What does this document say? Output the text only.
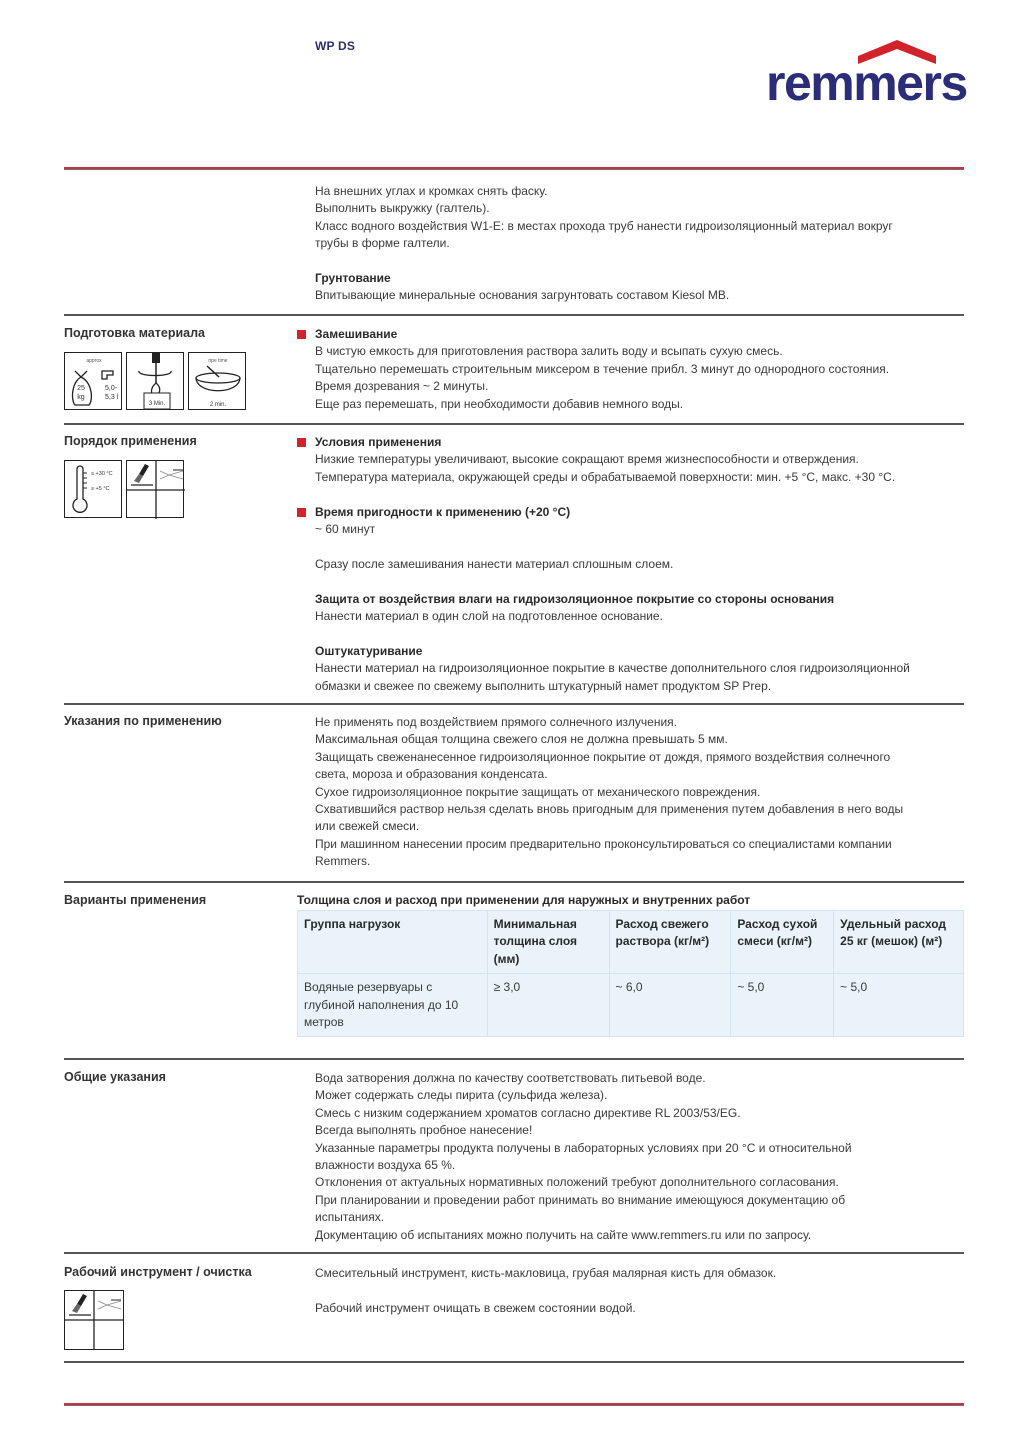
WP DS
remmers

На внешних углах и кромках снять фаску.

Выполнить выкружку (галтель).

Класс водного воздействия W1-E: в местах прохода труб нанести гидроизоляционный материал вокруг

трубы в форме галтели.

Грунтование

Впитывающие минеральные основания загрунтовать составом Kiesol MB.

Подготовка материала
approx
25
kg
5,0-
5,3 l
3 Min.
ripe time
2 min.

Замешивание

В чистую емкость для приготовления раствора залить воду и всыпать сухую смесь.

Тщательно перемешать строительным миксером в течение прибл. 3 минут до однородного состояния.

Время дозревания ~ 2 минуты.

Еще раз перемешать, при необходимости добавив немного воды.

Порядок применения
≤ +30 °C
≥ +5 °C

Условия применения

Низкие температуры увеличивают, высокие сокращают время жизнеспособности и отверждения.

Температура материала, окружающей среды и обрабатываемой поверхности: мин. +5 °C, макс. +30 °C.

Время пригодности к применению (+20 °C)

~ 60 минут

Сразу после замешивания нанести материал сплошным слоем.

Защита от воздействия влаги на гидроизоляционное покрытие со стороны основания

Нанести материал в один слой на подготовленное основание.

Оштукатуривание

Нанести материал на гидроизоляционное покрытие в качестве дополнительного слоя гидроизоляционной

обмазки и свежее по свежему выполнить штукатурный намет продуктом SP Prep.

Указания по применению	Не применять под воздействием прямого солнечного излучения.

Максимальная общая толщина свежего слоя не должна превышать 5 мм.

Защищать свеженанесенное гидроизоляционное покрытие от дождя, прямого воздействия солнечного

света, мороза и образования конденсата.

Сухое гидроизоляционное покрытие защищать от механического повреждения.

Схватившийся раствор нельзя сделать вновь пригодным для применения путем добавления в него воды

или свежей смеси.

При машинном нанесении просим предварительно проконсультироваться со специалистами компании

Remmers.

Варианты применения	Толщина слоя и расход при применении для наружных и внутренних работ
Группа нагрузок	Минимальная толщина слоя (мм)	Расход свежего раствора (кг/м²)	Расход сухой смеси (кг/м²)	Удельный расход 25 кг (мешок) (м²)
Водяные резервуары с глубиной наполнения до 10 метров	≥ 3,0	~ 6,0	~ 5,0	~ 5,0
Общие указания	Вода затворения должна по качеству соответствовать питьевой воде.

Может содержать следы пирита (сульфида железа).

Смесь с низким содержанием хроматов согласно директиве RL 2003/53/EG.

Всегда выполнять пробное нанесение!

Указанные параметры продукта получены в лабораторных условиях при 20 °C и относительной

влажности воздуха 65 %.

Отклонения от актуальных нормативных положений требуют дополнительного согласования.

При планировании и проведении работ принимать во внимание имеющуюся документацию об

испытаниях.

Документацию об испытаниях можно получить на сайте www.remmers.ru или по запросу.

Рабочий инструмент / очистка	Смесительный инструмент, кисть-макловица, грубая малярная кисть для обмазок.

Рабочий инструмент очищать в свежем состоянии водой.
